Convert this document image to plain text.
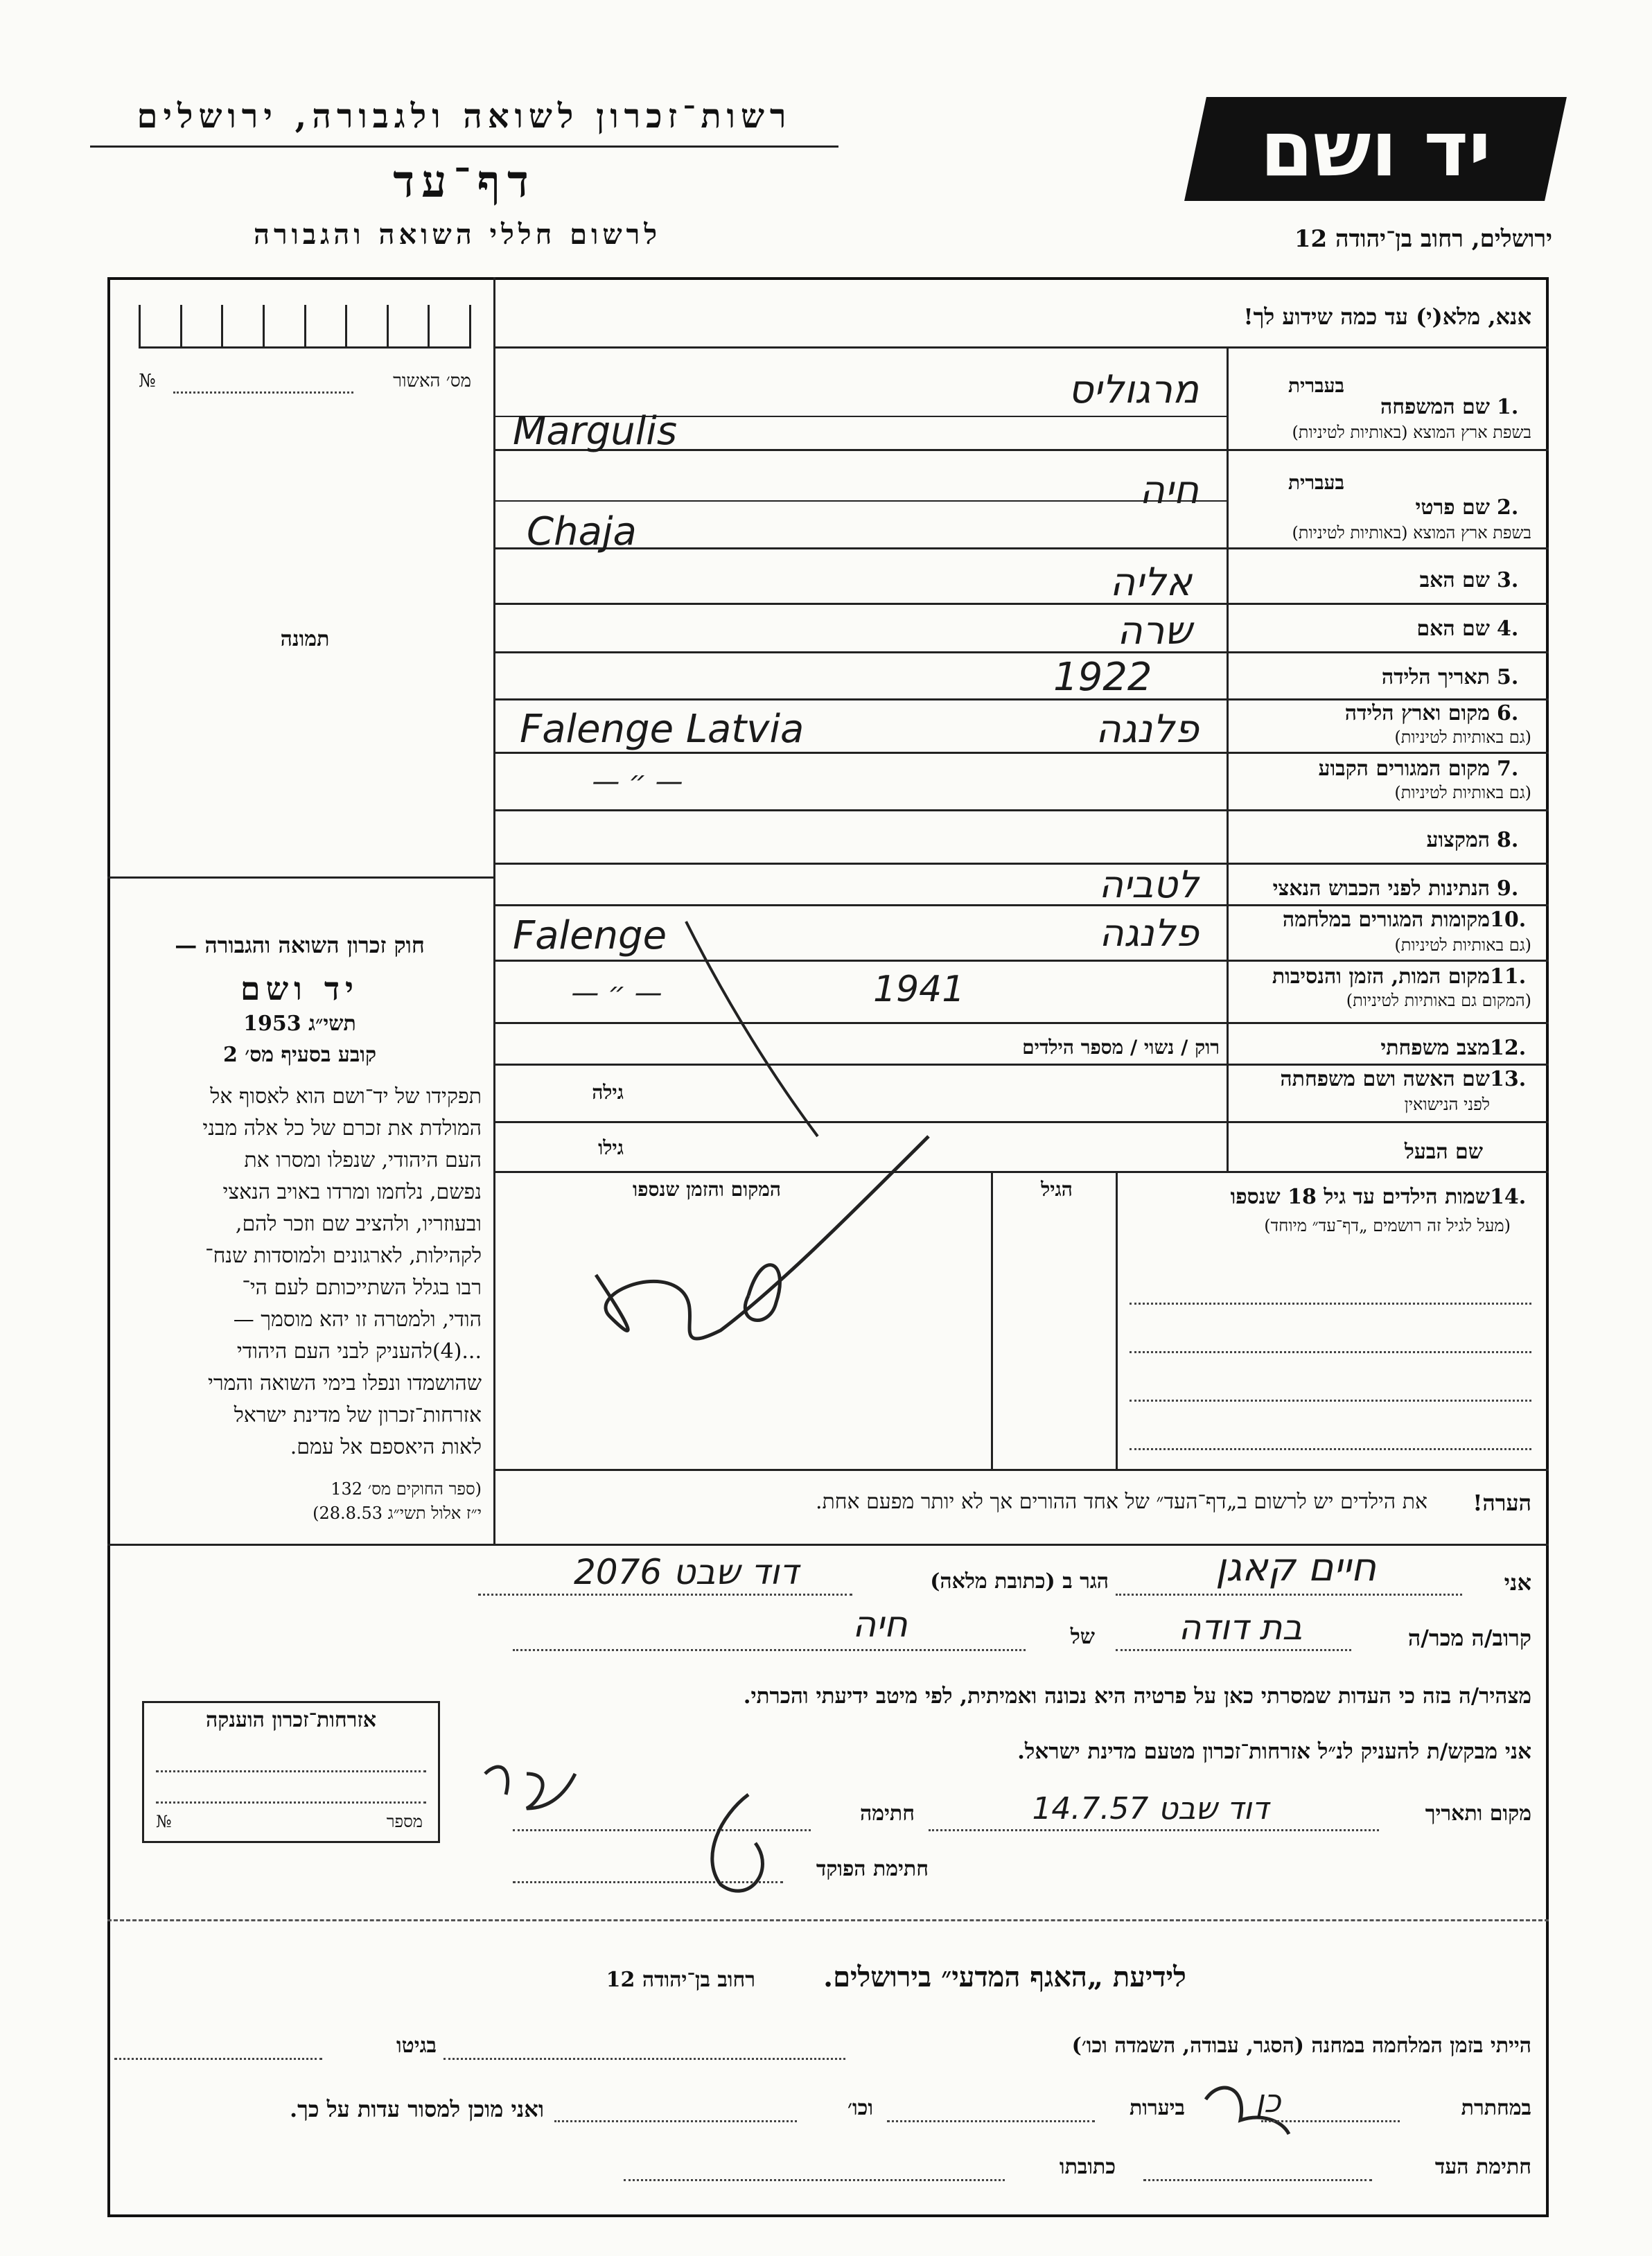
רשות־זכרון לשואה ולגבורה, ירושלים
דף־עד
לרשום חללי השואה והגבורה
יד ושם
ירושלים, רחוב בן־יהודה 12
אנא, מלא(י) עד כמה שידוע לך!
מס׳ האשור
№
תמונה
חוק זכרון השואה והגבורה —
יד ושם
תשי״ג 1953
קובע בסעיף מס׳ 2
תפקידו של יד־ושם הוא לאסוף אל
המולדת את זכרם של כל אלה מבני
העם היהודי, שנפלו ומסרו את
נפשם, נלחמו ומרדו באויב הנאצי
ובעוזריו, ולהציב שם וזכר להם,
לקהילות, לארגונים ולמוסדות שנח־
רבו בגלל השתייכותם לעם הי־
הודי, ולמטרה זו יהא מוסמך —
...(4)להעניק לבני העם היהודי
שהושמדו ונפלו בימי השואה והמרי
אזרחות־זכרון של מדינת ישראל
לאות היאספם אל עמם.
(ספר החוקים מס׳ 132
י״ז אלול תשי״ג 28.8.53)
1.
שם המשפחה
בשפת ארץ המוצא (באותיות לטיניות)
בעברית
מרגוליס
Margulis
2.
שם פרטי
בשפת ארץ המוצא (באותיות לטיניות)
בעברית
חיה
Chaja
3.
שם האב
אליה
4.
שם האם
שרה
5.
תאריך הלידה
1922
6.
מקום וארץ הלידה
(גם באותיות לטיניות)
פלנגה
Falenge Latvia
7.
מקום המגורים הקבוע
(גם באותיות לטיניות)
— ״ —
8.
המקצוע
9.
הנתינות לפני הכבוש הנאצי
לטביה
10.
מקומות המגורים במלחמה
(גם באותיות לטיניות)
פלנגה
Falenge
11.
מקום המות, הזמן והנסיבות
(המקום גם באותיות לטיניות)
1941
— ״ —
12.
מצב משפחתי
רוק / נשוי / מספר הילדים
13.
שם האשה ושם משפחתה
לפני הנישואין
גילה
שם הבעל
גילו
14.
שמות הילדים עד גיל 18 שנספו
(מעל לגיל זה רושמים „דף־עד״ מיוחד)
הגיל
המקום והזמן שנספו
הערה!
את הילדים יש לרשום ב„דף־העד״ של אחד ההורים אך לא יותר מפעם אחת.
אני
חיים קאגן
הגר ב (כתובת מלאה)
דוד שבט 2076
קרוב/ה מכר/ה
בת דודה
של
חיה
מצהיר/ה בזה כי העדות שמסרתי כאן על פרטיה היא נכונה ואמיתית, לפי מיטב ידיעתי והכרתי.
אני מבקש/ת להעניק לנ״ל אזרחות־זכרון מטעם מדינת ישראל.
מקום ותאריך
דוד שבט 14.7.57
חתימה
חתימת הפוקד
אזרחות־זכרון הוענקה
מספר
№
לידיעת „האגף המדעי״ בירושלים.
רחוב בן־יהודה 12
הייתי בזמן המלחמה במחנה (הסגר, עבודה, השמדה וכו׳)
בגיטו
במחתרת
ביערות	כן
וכו׳
ואני מוכן למסור עדות על כך.
חתימת העד
כתובתו
